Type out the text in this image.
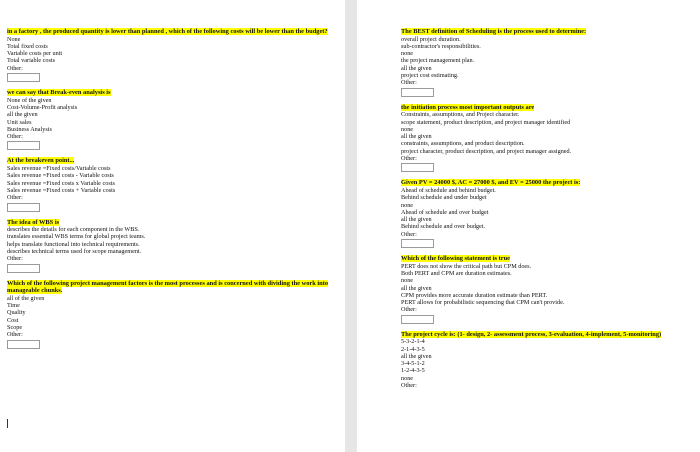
in a factory , the produced quantity is lower than planned , which of the following costs will be lower than the budget?
None
Total fixed costs
Variable costs per unit
Total variable costs
Other:
we can say that Break-even analysis is
None of the given
Cost-Volume-Profit analysis
all the given
Unit sales
Business Analysis
Other:
At the breakeven point...
Sales revenue =Fixed costs/Variable costs
Sales revenue =Fixed costs - Variable costs
Sales revenue =Fixed costs x Variable costs
Sales revenue =Fixed costs + Variable costs
Other:
The idea of WBS is
describes the details for each component in the WBS.
translates essential WBS terms for global project teams.
helps translate functional into technical requirements.
describes technical terms used for scope management.
Other:
Which of the following project management factors is the most processes and is concerned with dividing the work into manageable chunks.
all of the given
Time
Quality
Cost
Scope
Other:
The BEST definition of Scheduling is the process used to determine:
overall project duration.
sub-contractor's responsibilities.
none
the project management plan.
all the given
project cost estimating.
Other:
the initiation process most important outputs are
Constraints, assumptions, and Project character.
scope statement, product description, and project manager identified
none
all the given
constraints, assumptions, and product description.
project character, product description, and project manager assigned.
Other:
Given PV = 24000 $, AC = 27000 $, and EV = 25000 the project is:
Ahead of schedule and behind budget.
Behind schedule and under budget
none
Ahead of schedule and over budget
all the given
Behind schedule and over budget.
Other:
Which of the following statement is true
PERT does not show the critical path but CPM does.
Both PERT and CPM are duration estimates.
none
all the given
CPM provides more accurate duration estimate than PERT.
PERT allows for probabilistic sequencing that CPM can't provide.
Other:
The project cycle is: (1- design, 2- assessment process, 3-evaluation, 4-implement, 5-monitoring)
5-3-2-1-4
2-1-4-3-5
all the given
3-4-5-1-2
1-2-4-3-5
none
Other:
